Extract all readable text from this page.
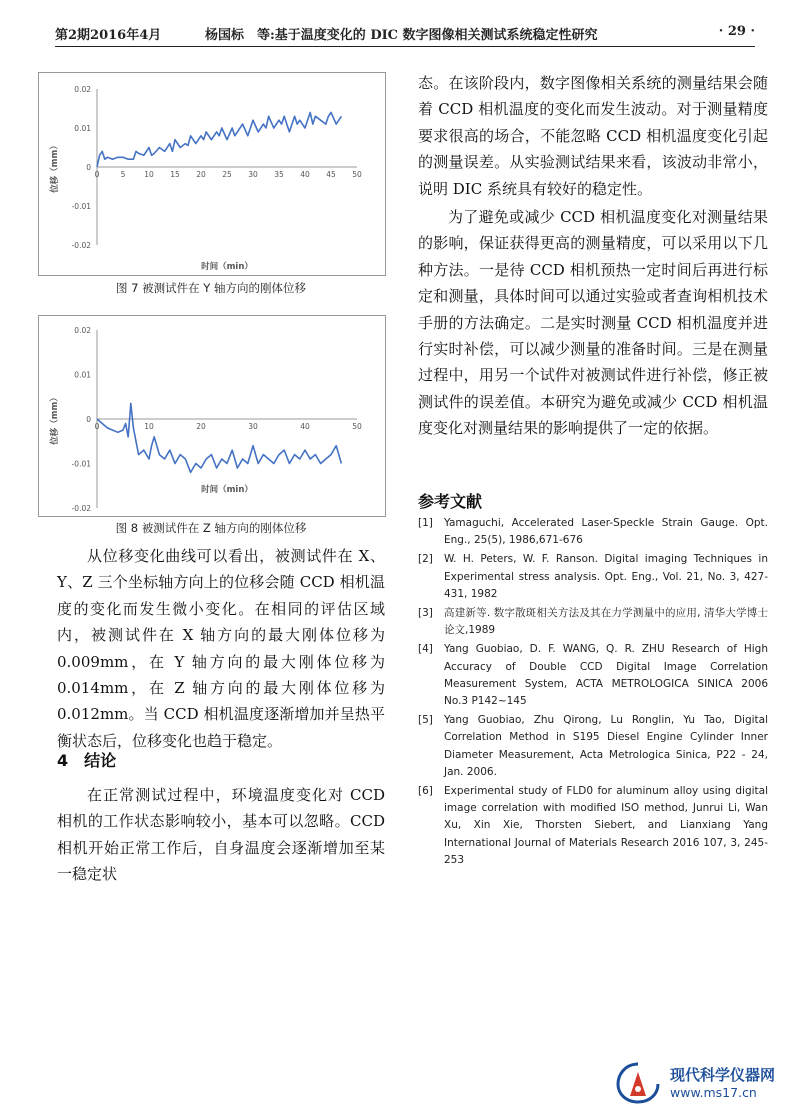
第2期2016年4月	杨国标　等:基于温度变化的 DIC 数字图像相关测试系统稳定性研究	· 29 ·
0.02
0.01
0
-0.01
-0.02
0	5	10 15 20 25 30 35 40 45 50
时间（min）
位移（mm）
图 7 被测试件在 Y 轴方向的刚体位移
0.02
0.01
0
-0.01
-0.02
0	10	20	30	40	50
时间（min）
位移（mm）
图 8 被测试件在 Z 轴方向的刚体位移

从位移变化曲线可以看出，被测试件在 X、Y、Z 三个坐标轴方向上的位移会随 CCD 相机温度的变化而发生微小变化。在相同的评估区域内，被测试件在 X 轴方向的最大刚体位移为 0.009mm，在 Y 轴方向的最大刚体位移为 0.014mm，在 Z 轴方向的最大刚体位移为 0.012mm。当 CCD 相机温度逐渐增加并呈热平衡状态后，位移变化也趋于稳定。

4　结论

在正常测试过程中，环境温度变化对 CCD 相机的工作状态影响较小，基本可以忽略。CCD 相机开始正常工作后，自身温度会逐渐增加至某一稳定状

态。在该阶段内，数字图像相关系统的测量结果会随着 CCD 相机温度的变化而发生波动。对于测量精度要求很高的场合，不能忽略 CCD 相机温度变化引起的测量误差。从实验测试结果来看，该波动非常小，说明 DIC 系统具有较好的稳定性。

为了避免或减少 CCD 相机温度变化对测量结果的影响，保证获得更高的测量精度，可以采用以下几种方法。一是待 CCD 相机预热一定时间后再进行标定和测量，具体时间可以通过实验或者查询相机技术手册的方法确定。二是实时测量 CCD 相机温度并进行实时补偿，可以减少测量的准备时间。三是在测量过程中，用另一个试件对被测试件进行补偿，修正被测试件的误差值。本研究为避免或减少 CCD 相机温度变化对测量结果的影响提供了一定的依据。

参考文献
[1]	Yamaguchi, Accelerated Laser-Speckle Strain Gauge. Opt. Eng., 25(5), 1986,671-676
[2]	W. H. Peters, W. F. Ranson. Digital imaging Techniques in Experimental stress analysis. Opt. Eng., Vol. 21, No. 3, 427-431, 1982
[3]	高建新等. 数字散斑相关方法及其在力学测量中的应用, 清华大学博士论文,1989
[4]	Yang Guobiao, D. F. WANG, Q. R. ZHU Research of High Accuracy of Double CCD Digital Image Correlation Measurement System, ACTA METROLOGICA SINICA 2006 No.3 P142~145
[5]	Yang Guobiao, Zhu Qirong, Lu Ronglin, Yu Tao, Digital Correlation Method in S195 Diesel Engine Cylinder Inner Diameter Measurement, Acta Metrologica Sinica, P22 - 24, Jan. 2006.
[6]	Experimental study of FLD0 for aluminum alloy using digital image correlation with modified ISO method, Junrui Li, Wan Xu, Xin Xie, Thorsten Siebert, and Lianxiang Yang International Journal of Materials Research 2016 107, 3, 245-253
现代科学仪器网
www.ms17.cn
